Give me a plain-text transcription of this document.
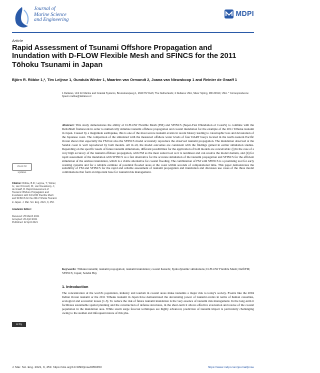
Journal of
Marine Science
and Engineering
MDPI
Article
Rapid Assessment of Tsunami Offshore Propagation and Inundation with D-FLOW Flexible Mesh and SFINCS for the 2011 Tōhoku Tsunami in Japan
Björn R. Röbke 1,*, Tim Leijnse 1, Gundula Winter 1, Maarten van Ormondt 2, Joana van Nieuwkoop 1 and Reinier de Graaff 1
1 Deltares, Unit for Marine and Coastal Systems, Boussinesqweg 1, 2629 HV Delft, The Netherlands; 2 Deltares USA, Silver Spring, MD 20910, USA. * Correspondence: bjoern.roebke@deltares.nl
check for updates
Citation: Röbke, B.R.; Leijnse, T.; Winter, G.; van Ormondt, M.; van Nieuwkoop, J.; de Graaff, R. Rapid Assessment of Tsunami Offshore Propagation and Inundation with D-FLOW Flexible Mesh and SFINCS for the 2011 Tōhoku Tsunami in Japan. J. Mar. Sci. Eng. 2021, 9, 453.
Academic Editor:
Received: 25 March 2021
Accepted: 20 April 2021
Published: 22 April 2021
Abstract: This study demonstrates the ability of D-FLOW Flexible Mesh (FM) and SFINCS (Super-Fast INundation of CoastS) to combine with the DeltaShell framework in order to numerically simulate tsunami offshore propagation and coastal inundation for the example of the 2011 Tōhoku tsunami in Japan. Caused by a magnitude earthquake, this is one of the most severe tsunami events in recent history leading to catastrophic loss and devastation of the Japanese coast. The comparison of the simulated with the measured offshore water levels of four DART buoys located in the north-western Pacific Ocean shows that especially the FM but also the SFINCS model accurately reproduce the observed tsunami propagation. The inundation observed at the Sendai coast is well reproduced by both models. All in all, the model outcomes are consistent with the findings gained in earlier simulation studies. Depending on the specific needs of future tsunami simulations, different possibilities for the application of both models are conceivable: (i) In the case of a very high accuracy of the tsunami offshore propagation, with FM as the most suited tool as it is nonlinear and can resolve the model domain, and (ii) for rapid assessment of the inundation with SFINCS as a fast alternative for the accurate simulation of the tsunami propagation and SFINCS for the efficient simulation of the onshore inundation, which is a viable alternative for coastal flooding. The combination of FM with SFINCS is a promising tool for early warning systems and for a reliable estimate of potential flooded areas at the coast within seconds of computational time. This paper demonstrates the suitability of FM and SFINCS for the rapid and reliable assessment of tsunami propagation and inundation and discusses use cases of the three model combinations that form an important base for tsunami risk management.
Keywords: Tōhoku tsunami; tsunami propagation; tsunami inundation; coastal hazards; hydrodynamic simulations; D-FLOW Flexible Mesh; DelftFM; SFINCS; Japan; Sendai Bay
1. Introduction
The concentration of the world's population, industry and tourism in coastal areas make tsunamis a major risk to today's society. Events like the 2004 Indian Ocean tsunami or the 2011 Tōhoku tsunami in Japan have demonstrated the devastating power of tsunami events in terms of human casualties, ecological and economic losses [1-3]. To reduce the risk of future tsunami inundation is the very essence of tsunami risk management. In the long-term it facilitates sustainable spatial planning and the construction of defense structures, in the short-term it allows effective evacuation and rescue of the coastal population in the inundation area. While storm surge forecast techniques are highly advanced, prediction of tsunami impact is particularly challenging owing to the sudden and infrequent nature of this phe-
cc by
J. Mar. Sci. Eng. 2021, 9, 453. https://doi.org/10.3390/jmse9050453	https://www.mdpi.com/journal/jmse
